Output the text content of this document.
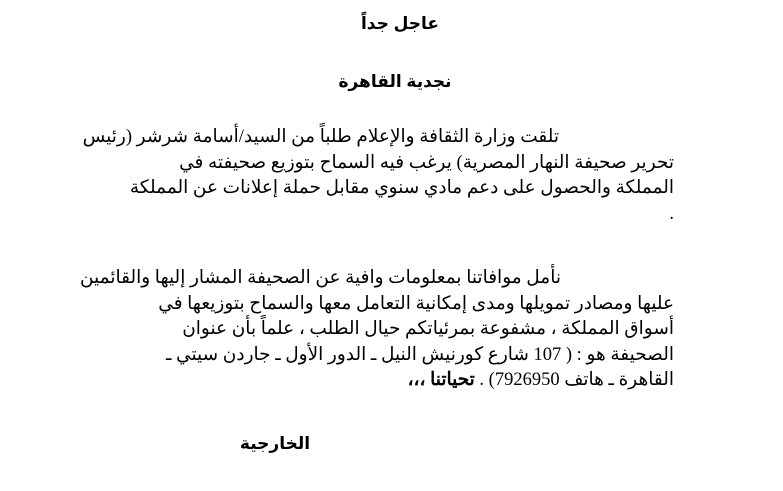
عاجل جداً
نجدية القاهرة
تلقت وزارة الثقافة والإعلام طلباً من السيد/أسامة شرشر (رئيس
تحرير صحيفة النهار المصرية) يرغب فيه السماح بتوزيع صحيفته في
المملكة والحصول على دعم مادي سنوي مقابل حملة إعلانات عن المملكة
.
نأمل موافاتنا بمعلومات وافية عن الصحيفة المشار إليها والقائمين
عليها ومصادر تمويلها ومدى إمكانية التعامل معها والسماح بتوزيعها في
أسواق المملكة ، مشفوعة بمرئياتكم حيال الطلب ، علماً بأن عنوان
الصحيفة هو : ( 107 شارع كورنيش النيل ـ الدور الأول ـ جاردن سيتي ـ
القاهرة ـ هاتف 7926950) . تحياتنا ،،،
الخارجية
